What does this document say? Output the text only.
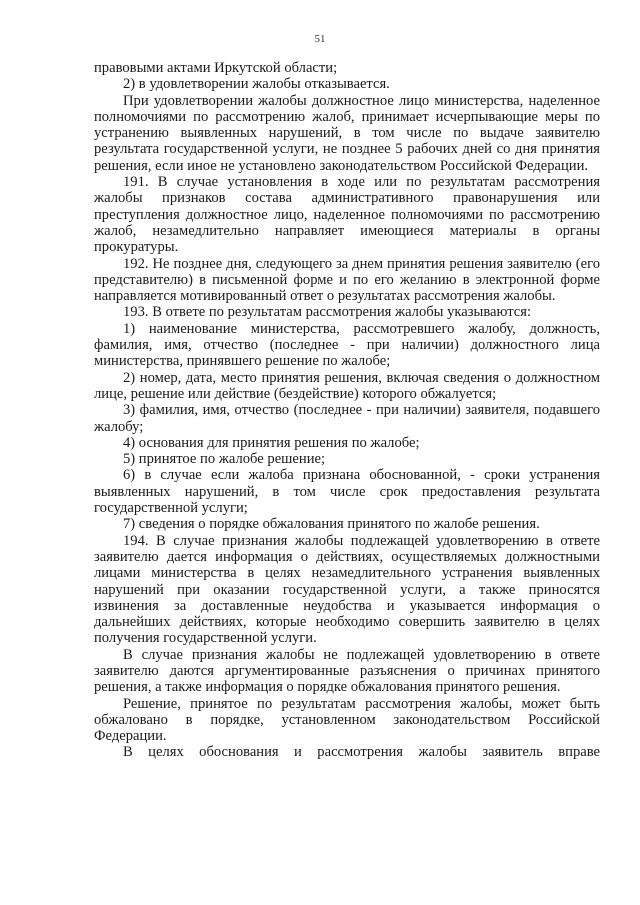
51

правовыми актами Иркутской области;

2) в удовлетворении жалобы отказывается.

При удовлетворении жалобы должностное лицо министерства, наделенное полномочиями по рассмотрению жалоб, принимает исчерпывающие меры по устранению выявленных нарушений, в том числе по выдаче заявителю результата государственной услуги, не позднее 5 рабочих дней со дня принятия решения, если иное не установлено законодательством Российской Федерации.

191. В случае установления в ходе или по результатам рассмотрения жалобы признаков состава административного правонарушения или преступления должностное лицо, наделенное полномочиями по рассмотрению жалоб, незамедлительно направляет имеющиеся материалы в органы прокуратуры.

192. Не позднее дня, следующего за днем принятия решения заявителю (его представителю) в письменной форме и по его желанию в электронной форме направляется мотивированный ответ о результатах рассмотрения жалобы.

193. В ответе по результатам рассмотрения жалобы указываются:

1) наименование министерства, рассмотревшего жалобу, должность, фамилия, имя, отчество (последнее - при наличии) должностного лица министерства, принявшего решение по жалобе;

2) номер, дата, место принятия решения, включая сведения о должностном лице, решение или действие (бездействие) которого обжалуется;

3) фамилия, имя, отчество (последнее - при наличии) заявителя, подавшего жалобу;

4) основания для принятия решения по жалобе;

5) принятое по жалобе решение;

6) в случае если жалоба признана обоснованной, - сроки устранения выявленных нарушений, в том числе срок предоставления результата государственной услуги;

7) сведения о порядке обжалования принятого по жалобе решения.

194. В случае признания жалобы подлежащей удовлетворению в ответе заявителю дается информация о действиях, осуществляемых должностными лицами министерства в целях незамедлительного устранения выявленных нарушений при оказании государственной услуги, а также приносятся извинения за доставленные неудобства и указывается информация о дальнейших действиях, которые необходимо совершить заявителю в целях получения государственной услуги.

В случае признания жалобы не подлежащей удовлетворению в ответе заявителю даются аргументированные разъяснения о причинах принятого решения, а также информация о порядке обжалования принятого решения.

Решение, принятое по результатам рассмотрения жалобы, может быть обжаловано в порядке, установленном законодательством Российской Федерации.

В целях обоснования и рассмотрения жалобы заявитель вправе
